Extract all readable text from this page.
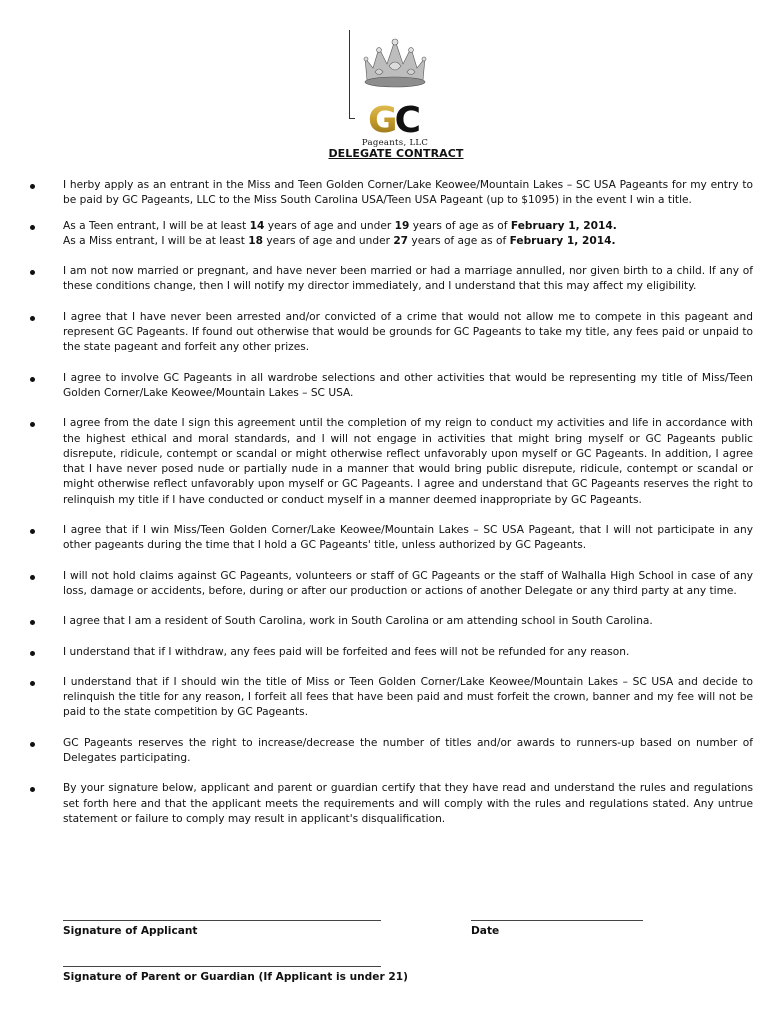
GC
Pageants, LLC
DELEGATE CONTRACT
I herby apply as an entrant in the Miss and Teen Golden Corner/Lake Keowee/Mountain Lakes – SC USA Pageants for my entry to be paid by GC Pageants, LLC to the Miss South Carolina USA/Teen USA Pageant (up to $1095) in the event I win a title.
As a Teen entrant, I will be at least 14 years of age and under 19 years of age as of February 1, 2014.
As a Miss entrant, I will be at least 18 years of age and under 27 years of age as of February 1, 2014.
I am not now married or pregnant, and have never been married or had a marriage annulled, nor given birth to a child. If any of these conditions change, then I will notify my director immediately, and I understand that this may affect my eligibility.
I agree that I have never been arrested and/or convicted of a crime that would not allow me to compete in this pageant and represent GC Pageants. If found out otherwise that would be grounds for GC Pageants to take my title, any fees paid or unpaid to the state pageant and forfeit any other prizes.
I agree to involve GC Pageants in all wardrobe selections and other activities that would be representing my title of Miss/Teen Golden Corner/Lake Keowee/Mountain Lakes – SC USA.
I agree from the date I sign this agreement until the completion of my reign to conduct my activities and life in accordance with the highest ethical and moral standards, and I will not engage in activities that might bring myself or GC Pageants public disrepute, ridicule, contempt or scandal or might otherwise reflect unfavorably upon myself or GC Pageants. In addition, I agree that I have never posed nude or partially nude in a manner that would bring public disrepute, ridicule, contempt or scandal or might otherwise reflect unfavorably upon myself or GC Pageants. I agree and understand that GC Pageants reserves the right to relinquish my title if I have conducted or conduct myself in a manner deemed inappropriate by GC Pageants.
I agree that if I win Miss/Teen Golden Corner/Lake Keowee/Mountain Lakes – SC USA Pageant, that I will not participate in any other pageants during the time that I hold a GC Pageants' title, unless authorized by GC Pageants.
I will not hold claims against GC Pageants, volunteers or staff of GC Pageants or the staff of Walhalla High School in case of any loss, damage or accidents, before, during or after our production or actions of another Delegate or any third party at any time.
I agree that I am a resident of South Carolina, work in South Carolina or am attending school in South Carolina.
I understand that if I withdraw, any fees paid will be forfeited and fees will not be refunded for any reason.
I understand that if I should win the title of Miss or Teen Golden Corner/Lake Keowee/Mountain Lakes – SC USA and decide to relinquish the title for any reason, I forfeit all fees that have been paid and must forfeit the crown, banner and my fee will not be paid to the state competition by GC Pageants.
GC Pageants reserves the right to increase/decrease the number of titles and/or awards to runners-up based on number of Delegates participating.
By your signature below, applicant and parent or guardian certify that they have read and understand the rules and regulations set forth here and that the applicant meets the requirements and will comply with the rules and regulations stated. Any untrue statement or failure to comply may result in applicant's disqualification.
Signature of Applicant	Date
Signature of Parent or Guardian (If Applicant is under 21)
